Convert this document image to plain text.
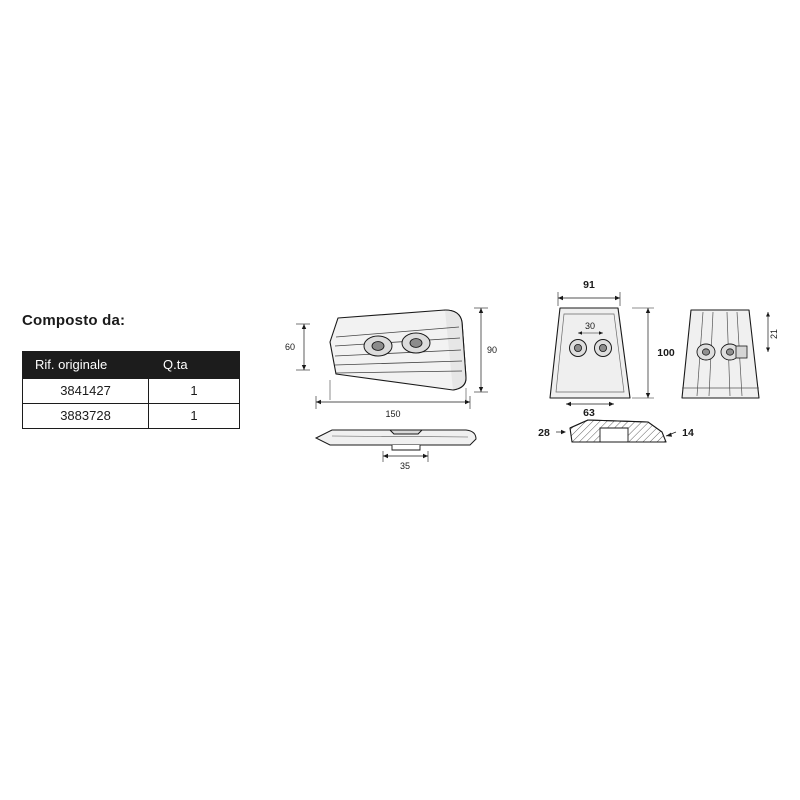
Composto da:
Rif. originale	Q.ta
3841427	1
3883728	1
60	90
150
35
30
91
63
100
21
28	14
